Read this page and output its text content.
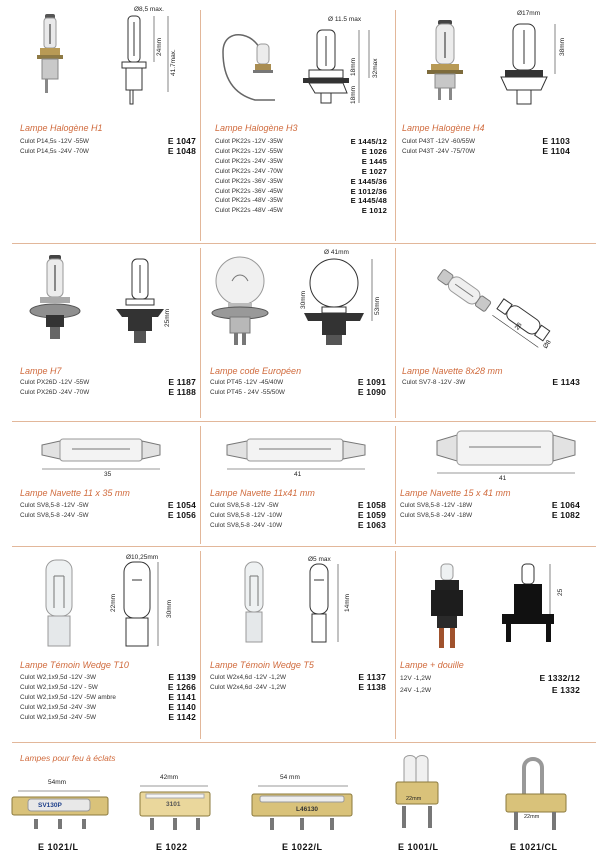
Ø8,5 max.
24mm
41.7max.
Lampe Halogène H1
Culot P14,5s -12V -55W	E 1047
Culot P14,5s -24V -70W	E 1048
Ø 11.5 max
18mm 32max
18mm
Lampe Halogène H3
Culot PK22s -12V -35W	E 1445/12
Culot PK22s -12V -55W	E 1026
Culot PK22s -24V -35W	E 1445
Culot PK22s -24V -70W	E 1027
Culot PK22s -36V -35W	E 1445/36
Culot PK22s -36V -45W	E 1012/36
Culot PK22s -48V -35W	E 1445/48
Culot PK22s -48V -45W	E 1012
Ø17mm
38mm
Lampe Halogène H4
Culot P43T -12V -60/55W	E 1103
Culot P43T -24V -75/70W	E 1104
25mm
Lampe H7
Culot PX26D -12V -55W	E 1187
Culot PX26D -24V -70W	E 1188
Ø 41mm
30mm	53mm
Lampe code Européen
Culot PT45 -12V -45/40W	E 1091
Culot PT45 - 24V -55/50W	E 1090
Ø8
28
Lampe Navette 8x28 mm
Culot SV7-8 -12V -3W	E 1143
35
Lampe Navette 11 x 35 mm
Culot SV8,5-8 -12V -5W	E 1054
Culot SV8,5-8 -24V -5W	E 1056
41
Lampe Navette 11x41 mm
Culot SV8,5-8 -12V -5W	E 1058
Culot SV8,5-8 -12V -10W	E 1059
Culot SV8,5-8 -24V -10W	E 1063
41
Lampe Navette 15 x 41 mm
Culot SV8,5-8 -12V -18W	E 1064
Culot SV8,5-8 -24V -18W	E 1082
Ø10,25mm
22mm	30mm
Lampe Témoin Wedge T10
Culot W2,1x9,5d -12V -3W	E 1139
Culot W2,1x9,5d -12V - 5W	E 1266
Culot W2,1x9,5d -12V -5W ambre	E 1141
Culot W2,1x9,5d -24V -3W	E 1140
Culot W2,1x9,5d -24V -5W	E 1142
Ø5 max
14mm
Lampe Témoin Wedge T5
Culot W2x4,6d -12V -1,2W	E 1137
Culot W2x4,6d -24V -1,2W	E 1138
25
Lampe + douille
12V -1,2W	E 1332/12
24V -1,2W	E 1332
Lampes pour feu à éclats
54mm
SV130P
E 1021/L
42mm
3101
E 1022
54 mm
L46130
E 1022/L
22mm
E 1001/L
22mm
E 1021/CL
